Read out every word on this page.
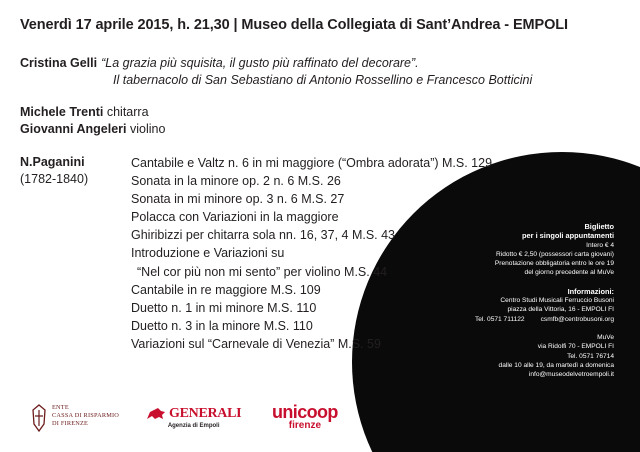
Venerdì 17 aprile 2015, h. 21,30 | Museo della Collegiata di Sant’Andrea - EMPOLI
Cristina Gelli “La grazia più squisita, il gusto più raffinato del decorare”.
Il tabernacolo di San Sebastiano di Antonio Rossellino e Francesco Botticini
Michele Trenti chitarra
Giovanni Angeleri violino
N.Paganini
(1782-1840)
Cantabile e Valtz n. 6 in mi maggiore (“Ombra adorata”) M.S. 129
Sonata in la minore op. 2 n. 6 M.S. 26
Sonata in mi minore op. 3 n. 6 M.S. 27
Polacca con Variazioni in la maggiore
Ghiribizzi per chitarra sola nn. 16, 37, 4 M.S. 43
Introduzione e Variazioni su
“Nel cor più non mi sento” per violino M.S. 44
Cantabile in re maggiore M.S. 109
Duetto n. 1 in mi minore M.S. 110
Duetto n. 3 in la minore M.S. 110
Variazioni sul “Carnevale di Venezia” M.S. 59
Biglietto
per i singoli appuntamenti
Intero € 4
Ridotto € 2,50 (possessori carta giovani)
Prenotazione obbligatoria entro le ore 19
del giorno precedente al MuVe
Informazioni:
Centro Studi Musicali Ferruccio Busoni
piazza della Vittoria, 16 - EMPOLI FI
Tel. 0571 711122 csmfb@centrobusoni.org
MuVe
via Ridolfi 70 - EMPOLI FI
Tel. 0571 76714
dalle 10 alle 19, da martedì a domenica
info@museodelvetroempoli.it
ENTE
CASSA DI RISPARMIO
DI FIRENZE
GENERALI
Agenzia di Empoli
unicoop
firenze
